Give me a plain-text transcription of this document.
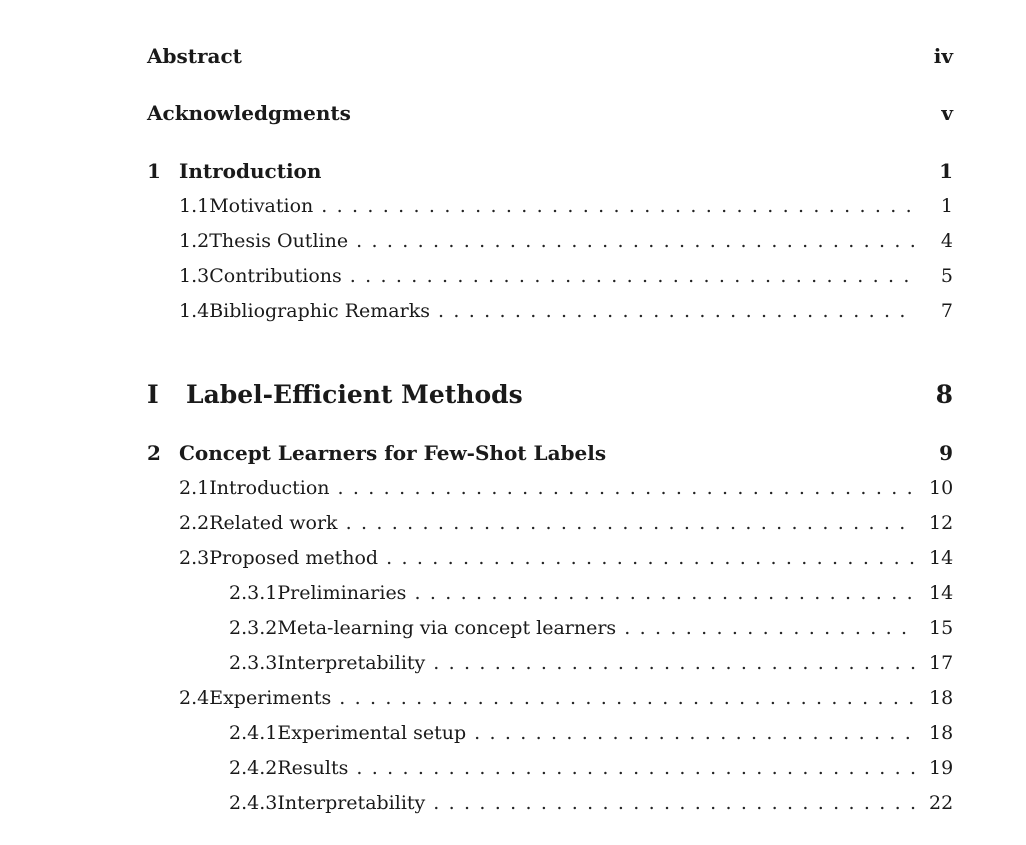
Abstract	iv
Acknowledgments	v
1 Introduction	1
1.1 Motivation . . .	1
1.2 Thesis Outline . . .	4
1.3 Contributions . . .	5
1.4 Bibliographic Remarks . . .	7
I	Label-Efficient Methods	8
2 Concept Learners for Few-Shot Labels	9
2.1 Introduction . . .	10
2.2 Related work . . .	12
2.3 Proposed method . . .	14
2.3.1 Preliminaries . . .	14
2.3.2 Meta-learning via concept learners . . .	15
2.3.3 Interpretability . . .	17
2.4 Experiments . . .	18
2.4.1 Experimental setup . . .	18
2.4.2 Results . . .	19
2.4.3 Interpretability . . .	22
